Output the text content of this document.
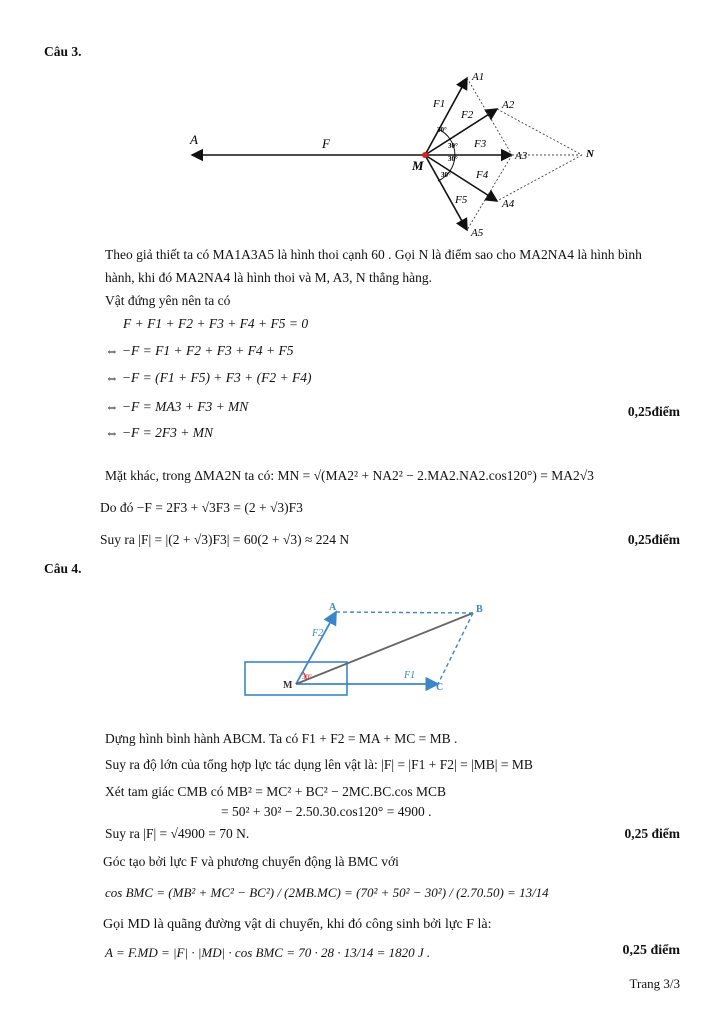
Câu 3.
A	F
M
N
A1
A2
A3
A4
A5
F1
F2
F3
F4
F5
30°
30°
30°
30°
Theo giả thiết ta có MA1A3A5 là hình thoi cạnh 60 . Gọi N là điểm sao cho MA2NA4 là hình bình
hành, khi đó MA2NA4 là hình thoi và M, A3, N thẳng hàng.
Vật đứng yên nên ta có
F + F1 + F2 + F3 + F4 + F5 = 0
⇔ −F = F1 + F2 + F3 + F4 + F5
⇔ −F = (F1 + F5) + F3 + (F2 + F4)
⇔ −F = MA3 + F3 + MN	0,25điểm
⇔ −F = 2F3 + MN
Mặt khác, trong ΔMA2N ta có: MN = √(MA2² + NA2² − 2.MA2.NA2.cos120°) = MA2√3
Do đó −F = 2F3 + √3F3 = (2 + √3)F3
Suy ra |F| = |(2 + √3)F3| = 60(2 + √3) ≈ 224 N	0,25điểm
Câu 4.
30°
M
A	B
C
F2
F1
Dựng hình bình hành ABCM. Ta có F1 + F2 = MA + MC = MB .
Suy ra độ lớn của tổng hợp lực tác dụng lên vật là: |F| = |F1 + F2| = |MB| = MB
Xét tam giác CMB có MB² = MC² + BC² − 2MC.BC.cos MCB
= 50² + 30² − 2.50.30.cos120° = 4900 .
Suy ra |F| = √4900 = 70 N.	0,25 điểm
Góc tạo bởi lực F và phương chuyển động là BMC với
cos BMC = (MB² + MC² − BC²) / (2MB.MC) = (70² + 50² − 30²) / (2.70.50) = 13/14
Gọi MD là quãng đường vật di chuyển, khi đó công sinh bởi lực F là:
A = F.MD = |F| · |MD| · cos BMC = 70 · 28 · 13/14 = 1820 J .	0,25 điểm
Trang 3/3
